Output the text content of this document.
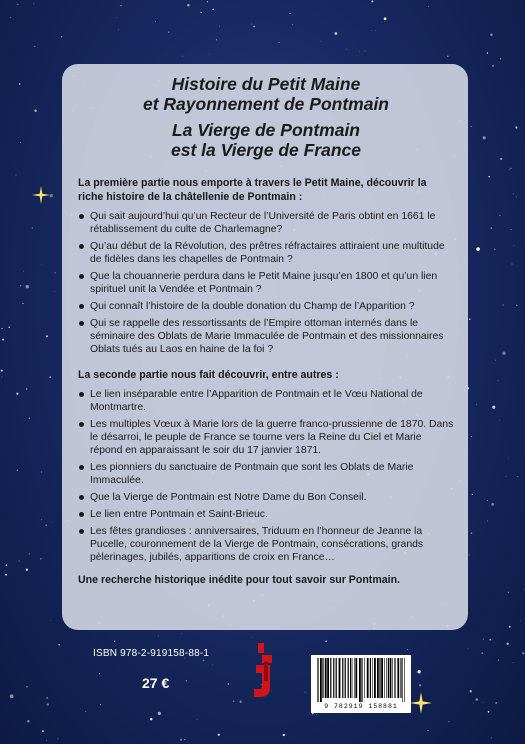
Histoire du Petit Maine
et Rayonnement de Pontmain
La Vierge de Pontmain
est la Vierge de France
La première partie nous emporte à travers le Petit Maine, découvrir la riche histoire de la châtellenie de Pontmain :
Qui sait aujourd’hui qu’un Recteur de l’Université de Paris obtint en 1661 le rétablissement du culte de Charlemagne?
Qu’au début de la Révolution, des prêtres réfractaires attiraient une multitude de fidèles dans les chapelles de Pontmain ?
Que la chouannerie perdura dans le Petit Maine jusqu’en 1800 et qu’un lien spirituel unit la Vendée et Pontmain ?
Qui connaît l’histoire de la double donation du Champ de l’Apparition ?
Qui se rappelle des ressortissants de l’Empire ottoman internés dans le séminaire des Oblats de Marie Immaculée de Pontmain et des missionnaires Oblats tués au Laos en haine de la foi ?
La seconde partie nous fait découvrir, entre autres :
Le lien inséparable entre l’Apparition de Pontmain et le Vœu National de Montmartre.
Les multiples Vœux à Marie lors de la guerre franco-prussienne de 1870. Dans le désarroi, le peuple de France se tourne vers la Reine du Ciel et Marie répond en apparaissant le soir du 17 janvier 1871.
Les pionniers du sanctuaire de Pontmain que sont les Oblats de Marie Immaculée.
Que la Vierge de Pontmain est Notre Dame du Bon Conseil.
Le lien entre Pontmain et Saint-Brieuc.
Les fêtes grandioses : anniversaires, Triduum en l’honneur de Jeanne la Pucelle, couronnement de la Vierge de Pontmain, consécrations, grands pèlerinages, jubilés, apparitions de croix en France…
Une recherche historique inédite pour tout savoir sur Pontmain.
ISBN 978-2-919158-88-1
27 €
9 782919 158881
